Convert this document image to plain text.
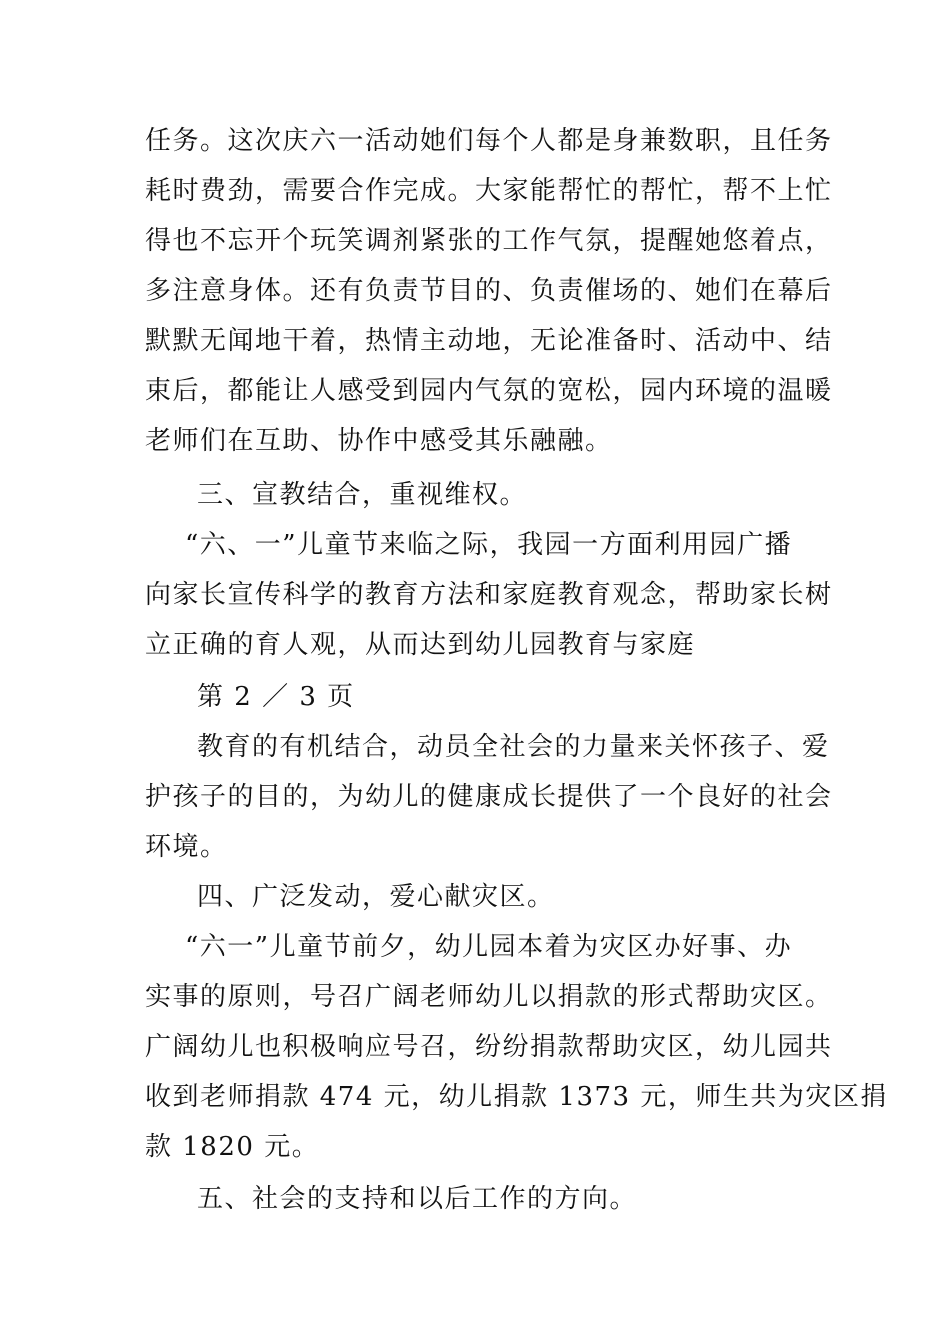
任务。这次庆六一活动她们每个人都是身兼数职，且任务
耗时费劲，需要合作完成。大家能帮忙的帮忙，帮不上忙
得也不忘开个玩笑调剂紧张的工作气氛，提醒她悠着点，
多注意身体。还有负责节目的、负责催场的、她们在幕后
默默无闻地干着，热情主动地，无论准备时、活动中、结
束后，都能让人感受到园内气氛的宽松，园内环境的温暖
老师们在互助、协作中感受其乐融融。
三、宣教结合，重视维权。
“六、一”儿童节来临之际，我园一方面利用园广播
向家长宣传科学的教育方法和家庭教育观念，帮助家长树
立正确的育人观，从而达到幼儿园教育与家庭
第 2 ／ 3 页
教育的有机结合，动员全社会的力量来关怀孩子、爱
护孩子的目的，为幼儿的健康成长提供了一个良好的社会
环境。
四、广泛发动，爱心献灾区。
“六一”儿童节前夕，幼儿园本着为灾区办好事、办
实事的原则，号召广阔老师幼儿以捐款的形式帮助灾区。
广阔幼儿也积极响应号召，纷纷捐款帮助灾区，幼儿园共
收到老师捐款 474 元，幼儿捐款 1373 元，师生共为灾区捐
款 1820 元。
五、社会的支持和以后工作的方向。
